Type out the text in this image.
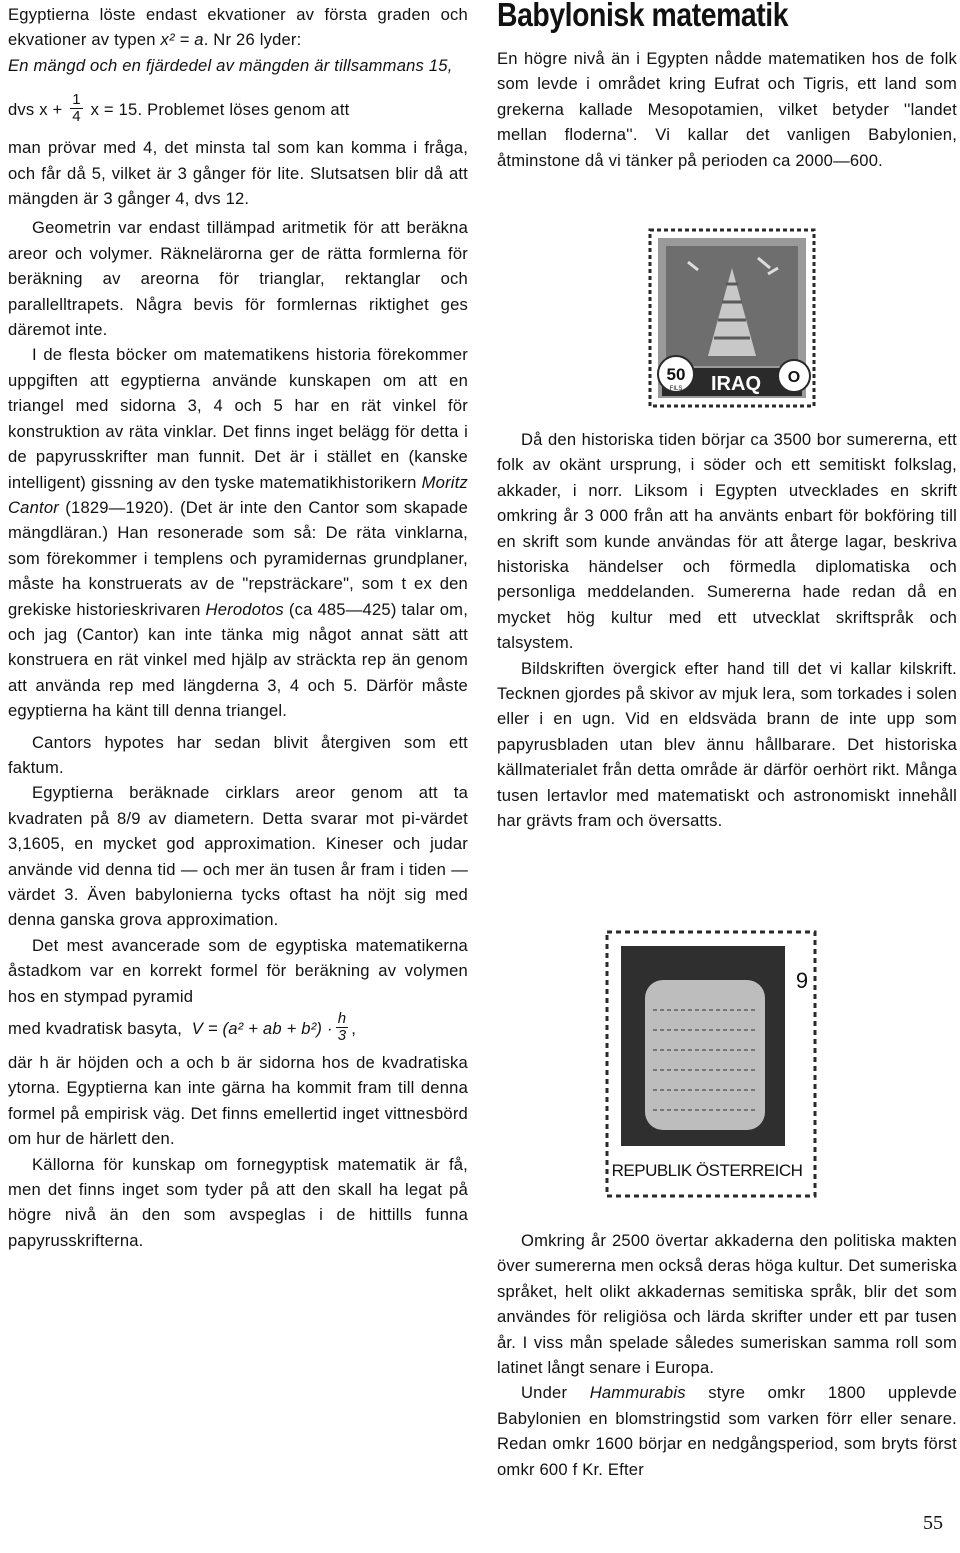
Egyptierna löste endast ekvationer av första graden och ekvationer av typen x² = a. Nr 26 lyder:
En mängd och en fjärdedel av mängden är tillsammans 15,

dvs $x + \frac{1}{4}$ x = 15. Problemet löses genom att

man prövar med 4, det minsta tal som kan komma i fråga, och får då 5, vilket är 3 gånger för lite. Slutsatsen blir då att mängden är 3 gånger 4, dvs 12.

Geometrin var endast tillämpad aritmetik för att beräkna areor och volymer. Räknelärorna ger de rätta formlerna för beräkning av areorna för trianglar, rektanglar och parallelltrapets. Några bevis för formlernas riktighet ges däremot inte.

I de flesta böcker om matematikens historia förekommer uppgiften att egyptierna använde kunskapen om att en triangel med sidorna 3, 4 och 5 har en rät vinkel för konstruktion av räta vinklar. Det finns inget belägg för detta i de papyrusskrifter man funnit. Det är i stället en (kanske intelligent) gissning av den tyske matematikhistorikern Moritz Cantor (1829—1920). (Det är inte den Cantor som skapade mängdläran.) Han resonerade som så: De räta vinklarna, som förekommer i templens och pyramidernas grundplaner, måste ha konstruerats av de "repsträckare", som t ex den grekiske historieskrivaren Herodotos (ca 485—425) talar om, och jag (Cantor) kan inte tänka mig något annat sätt att konstruera en rät vinkel med hjälp av sträckta rep än genom att använda rep med längderna 3, 4 och 5. Därför måste egyptierna ha känt till denna triangel.

Cantors hypotes har sedan blivit återgiven som ett faktum.

Egyptierna beräknade cirklars areor genom att ta kvadraten på 8/9 av diametern. Detta svarar mot pi-värdet 3,1605, en mycket god approximation. Kineser och judar använde vid denna tid — och mer än tusen år fram i tiden — värdet 3. Även babylonierna tycks oftast ha nöjt sig med denna ganska grova approximation.

Det mest avancerade som de egyptiska matematikerna åstadkom var en korrekt formel för beräkning av volymen hos en stympad pyramid

med kvadratisk basyta, V = (a² + ab + $b^2) \cdot \frac{h}{3}$ ,

där h är höjden och a och b är sidorna hos de kvadratiska ytorna. Egyptierna kan inte gärna ha kommit fram till denna formel på empirisk väg. Det finns emellertid inget vittnesbörd om hur de härlett den.

Källorna för kunskap om fornegyptisk matematik är få, men det finns inget som tyder på att den skall ha legat på högre nivå än den som avspeglas i de hittills funna papyrusskrifterna.

Babylonisk matematik

En högre nivå än i Egypten nådde matematiken hos de folk som levde i området kring Eufrat och Tigris, ett land som grekerna kallade Mesopotamien, vilket betyder ''landet mellan floderna''. Vi kallar det vanligen Babylonien, åtminstone då vi tänker på perioden ca 2000—600.

50
FILS IRAQ O

Då den historiska tiden börjar ca 3500 bor sumererna, ett folk av okänt ursprung, i söder och ett semitiskt folkslag, akkader, i norr. Liksom i Egypten utvecklades en skrift omkring år 3 000 från att ha använts enbart för bokföring till en skrift som kunde användas för att återge lagar, beskriva historiska händelser och förmedla diplomatiska och personliga meddelanden. Sumererna hade redan då en mycket hög kultur med ett utvecklat skriftspråk och talsystem.

Bildskriften övergick efter hand till det vi kallar kilskrift. Tecknen gjordes på skivor av mjuk lera, som torkades i solen eller i en ugn. Vid en eldsväda brann de inte upp som papyrusbladen utan blev ännu hållbarare. Det historiska källmaterialet från detta område är därför oerhört rikt. Många tusen lertavlor med matematiskt och astronomiskt innehåll har grävts fram och översatts.

9
REPUBLIK ÖSTERREICH

Omkring år 2500 övertar akkaderna den politiska makten över sumererna men också deras höga kultur. Det sumeriska språket, helt olikt akkadernas semitiska språk, blir det som användes för religiösa och lärda skrifter under ett par tusen år. I viss mån spelade således sumeriskan samma roll som latinet långt senare i Europa.

Under Hammurabis styre omkr 1800 upplevde Babylonien en blomstringstid som varken förr eller senare. Redan omkr 1600 börjar en nedgångsperiod, som bryts först omkr 600 f Kr. Efter

55
